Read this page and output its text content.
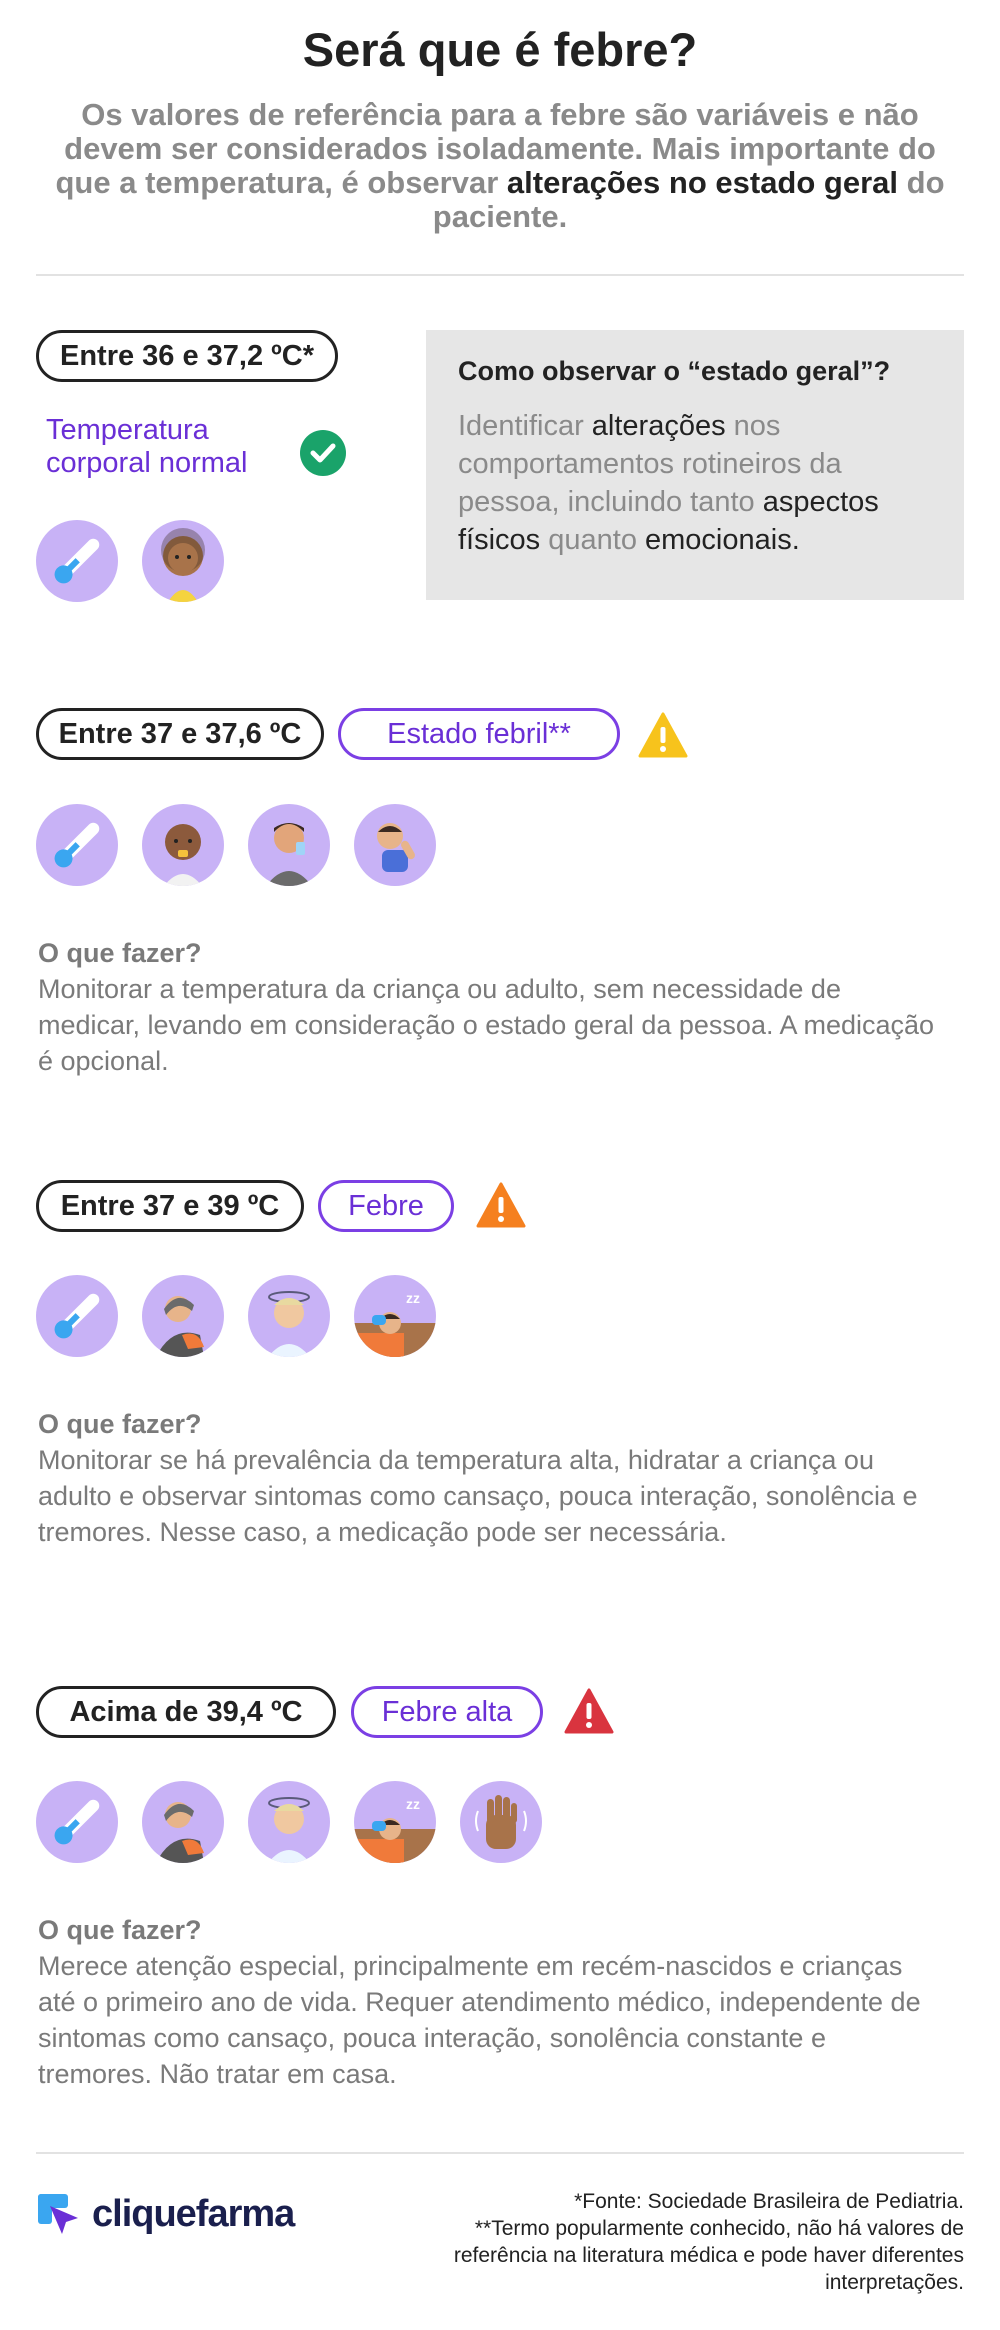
Será que é febre?
Os valores de referência para a febre são variáveis e não devem ser considerados isoladamente. Mais importante do que a temperatura, é observar alterações no estado geral do paciente.
Entre 36 e 37,2 ºC*
Temperatura corporal normal
Como observar o “estado geral”?
Identificar alterações nos comportamentos rotineiros da pessoa, incluindo tanto aspectos físicos quanto emocionais.
Entre 37 e 37,6 ºC	Estado febril**
O que fazer?
Monitorar a temperatura da criança ou adulto, sem necessidade de medicar, levando em consideração o estado geral da pessoa. A medicação é opcional.
Entre 37 e 39 ºC Febre
zz
O que fazer?
Monitorar se há prevalência da temperatura alta, hidratar a criança ou adulto e observar sintomas como cansaço, pouca interação, sonolência e tremores. Nesse caso, a medicação pode ser necessária.
Acima de 39,4 ºC	Febre alta
zz
O que fazer?
Merece atenção especial, principalmente em recém-nascidos e crianças até o primeiro ano de vida. Requer atendimento médico, independente de sintomas como cansaço, pouca interação, sonolência constante e tremores. Não tratar em casa.
cliquefarma	*Fonte: Sociedade Brasileira de Pediatria.
**Termo popularmente conhecido, não há valores de referência na literatura médica e pode haver diferentes interpretações.
